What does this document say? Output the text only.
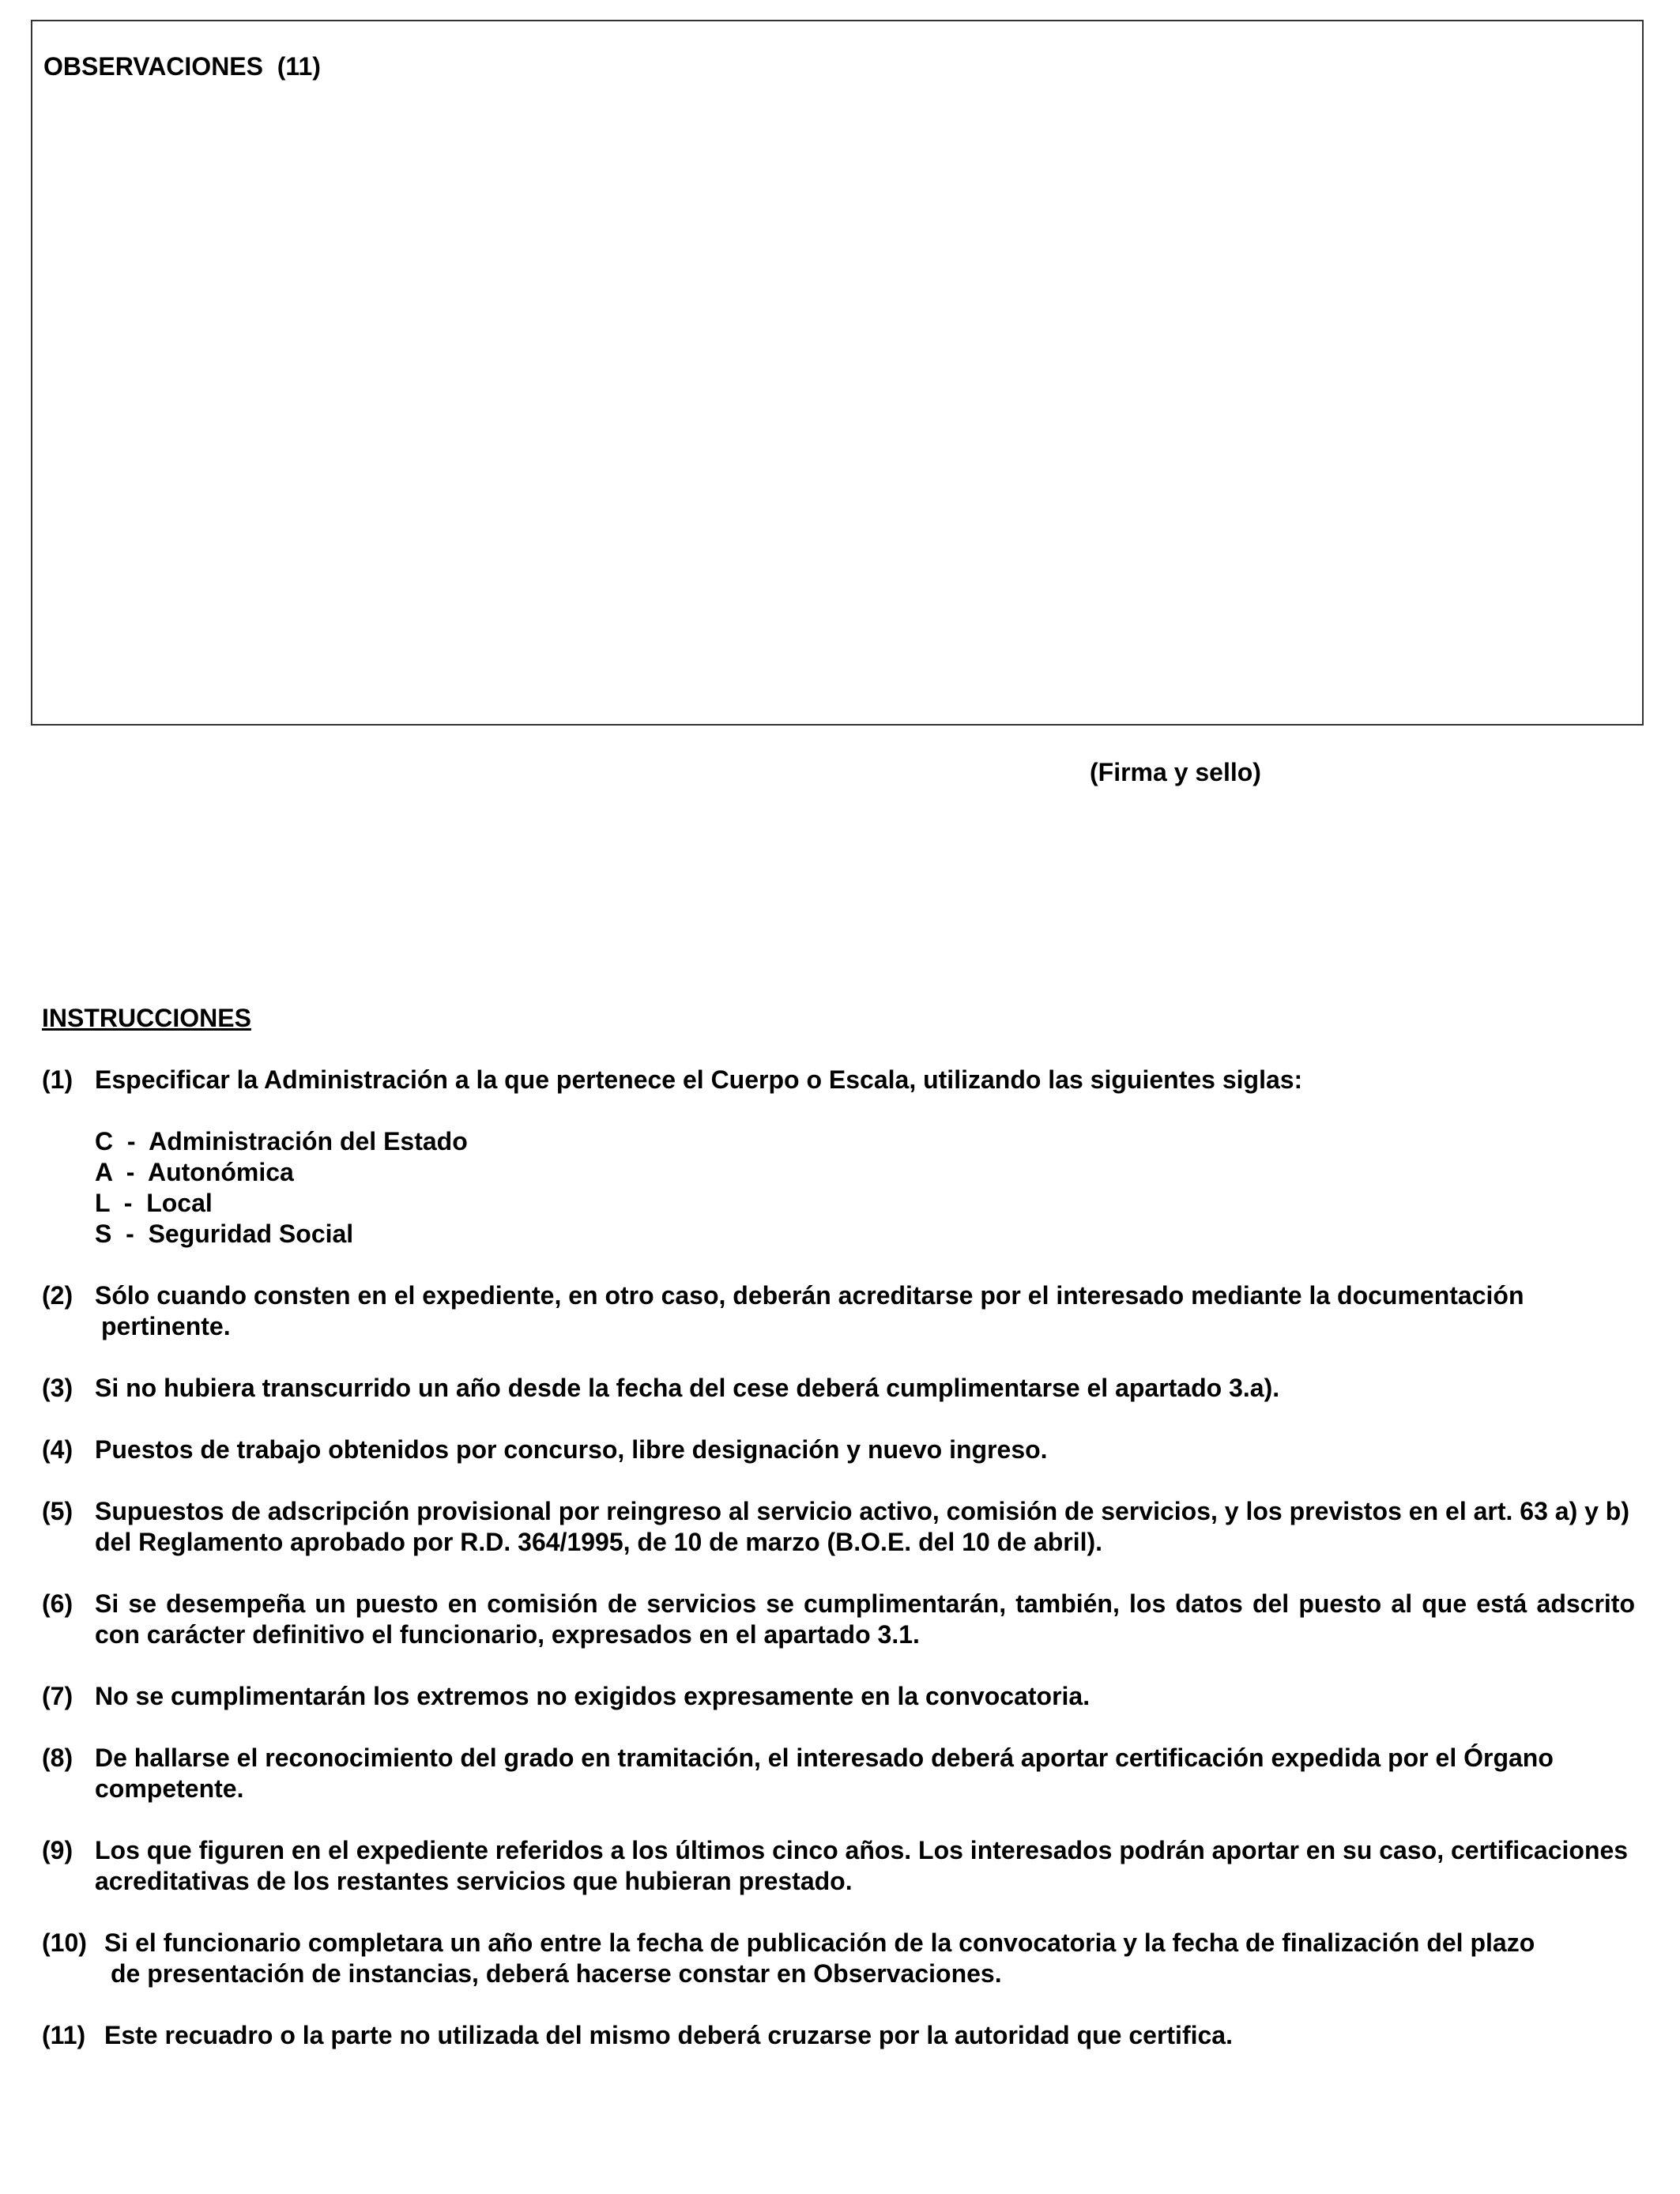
OBSERVACIONES  (11)
(Firma y sello)
INSTRUCCIONES
(1) Especificar la Administración a la que pertenece el Cuerpo o Escala, utilizando las siguientes siglas:
C  -  Administración del Estado
A  -  Autonómica
L  -  Local
S  -  Seguridad Social
(2) Sólo cuando consten en el expediente, en otro caso, deberán acreditarse por el interesado mediante la documentación
pertinente.
(3) Si no hubiera transcurrido un año desde la fecha del cese deberá cumplimentarse el apartado 3.a).
(4) Puestos de trabajo obtenidos por concurso, libre designación y nuevo ingreso.
(5) Supuestos de adscripción provisional por reingreso al servicio activo, comisión de servicios, y los previstos en el art. 63 a) y b) del Reglamento aprobado por R.D. 364/1995, de 10 de marzo (B.O.E. del 10 de abril).
(6) Si se desempeña un puesto en comisión de servicios se cumplimentarán, también, los datos del puesto al que está adscrito con carácter definitivo el funcionario, expresados en el apartado 3.1.
(7) No se cumplimentarán los extremos no exigidos expresamente en la convocatoria.
(8) De hallarse el reconocimiento del grado en tramitación, el interesado deberá aportar certificación expedida por el Órgano competente.
(9) Los que figuren en el expediente referidos a los últimos cinco años. Los interesados podrán aportar en su caso, certificaciones acreditativas de los restantes servicios que hubieran prestado.
(10) Si el funcionario completara un año entre la fecha de publicación de la convocatoria y la fecha de finalización del plazo
de presentación de instancias, deberá hacerse constar en Observaciones.
(11) Este recuadro o la parte no utilizada del mismo deberá cruzarse por la autoridad que certifica.
